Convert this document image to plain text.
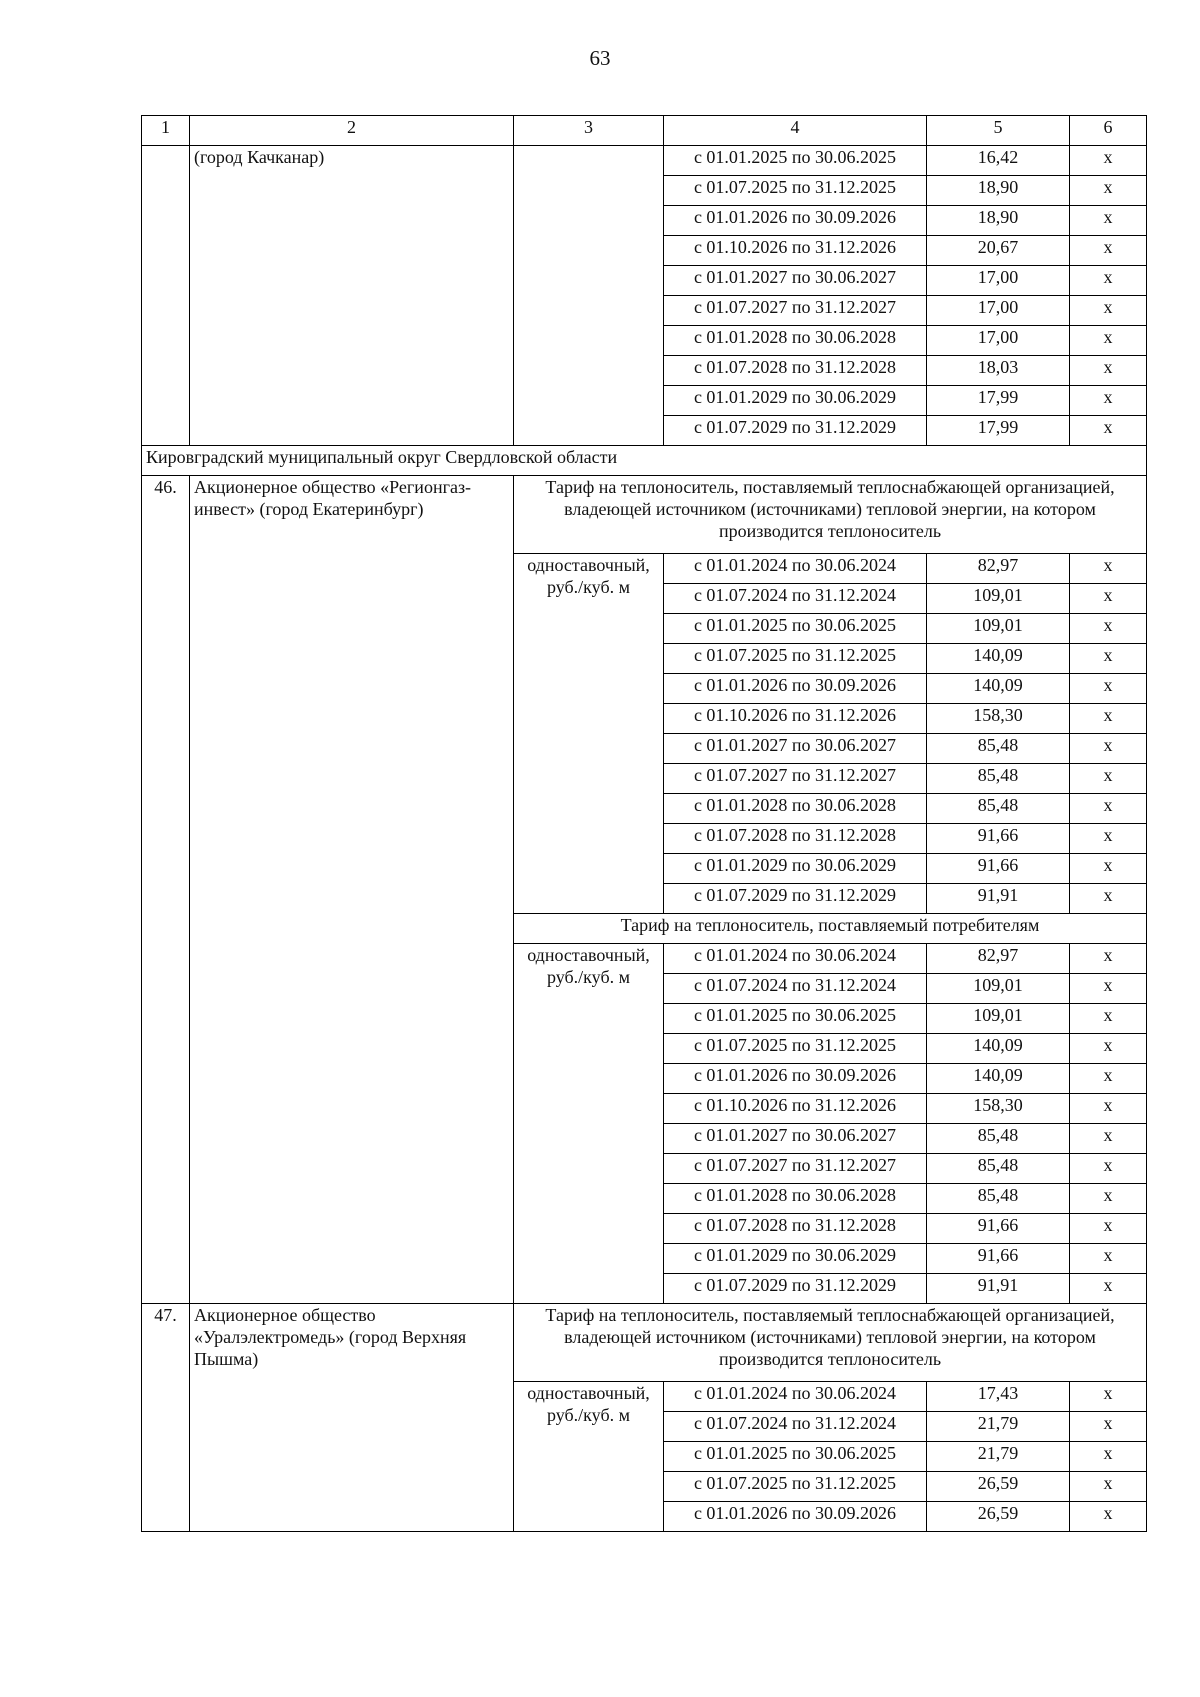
63
1	2	3	4	5	6
	(город Качканар)		с 01.01.2025 по 30.06.2025	16,42	х
			с 01.07.2025 по 31.12.2025	18,90	х
			с 01.01.2026 по 30.09.2026	18,90	х
			с 01.10.2026 по 31.12.2026	20,67	х
			с 01.01.2027 по 30.06.2027	17,00	х
			с 01.07.2027 по 31.12.2027	17,00	х
			с 01.01.2028 по 30.06.2028	17,00	х
			с 01.07.2028 по 31.12.2028	18,03	х
			с 01.01.2029 по 30.06.2029	17,99	х
			с 01.07.2029 по 31.12.2029	17,99	х
Кировградский муниципальный округ Свердловской области					
46.	Акционерное общество «Регионгаз-инвест» (город Екатеринбург)	Тариф на теплоноситель, поставляемый теплоснабжающей организацией, владеющей источником (источниками) тепловой энергии, на котором производится теплоноситель			
		одноставочный, руб./куб. м	с 01.01.2024 по 30.06.2024	82,97	х
			с 01.07.2024 по 31.12.2024	109,01	х
			с 01.01.2025 по 30.06.2025	109,01	х
			с 01.07.2025 по 31.12.2025	140,09	х
			с 01.01.2026 по 30.09.2026	140,09	х
			с 01.10.2026 по 31.12.2026	158,30	х
			с 01.01.2027 по 30.06.2027	85,48	х
			с 01.07.2027 по 31.12.2027	85,48	х
			с 01.01.2028 по 30.06.2028	85,48	х
			с 01.07.2028 по 31.12.2028	91,66	х
			с 01.01.2029 по 30.06.2029	91,66	х
			с 01.07.2029 по 31.12.2029	91,91	х
		Тариф на теплоноситель, поставляемый потребителям			
		одноставочный, руб./куб. м	с 01.01.2024 по 30.06.2024	82,97	х
			с 01.07.2024 по 31.12.2024	109,01	х
			с 01.01.2025 по 30.06.2025	109,01	х
			с 01.07.2025 по 31.12.2025	140,09	х
			с 01.01.2026 по 30.09.2026	140,09	х
			с 01.10.2026 по 31.12.2026	158,30	х
			с 01.01.2027 по 30.06.2027	85,48	х
			с 01.07.2027 по 31.12.2027	85,48	х
			с 01.01.2028 по 30.06.2028	85,48	х
			с 01.07.2028 по 31.12.2028	91,66	х
			с 01.01.2029 по 30.06.2029	91,66	х
			с 01.07.2029 по 31.12.2029	91,91	х
47.	Акционерное общество «Уралэлектромедь» (город Верхняя Пышма)	Тариф на теплоноситель, поставляемый теплоснабжающей организацией, владеющей источником (источниками) тепловой энергии, на котором производится теплоноситель			
		одноставочный, руб./куб. м	с 01.01.2024 по 30.06.2024	17,43	х
			с 01.07.2024 по 31.12.2024	21,79	х
			с 01.01.2025 по 30.06.2025	21,79	х
			с 01.07.2025 по 31.12.2025	26,59	х
			с 01.01.2026 по 30.09.2026	26,59	х
